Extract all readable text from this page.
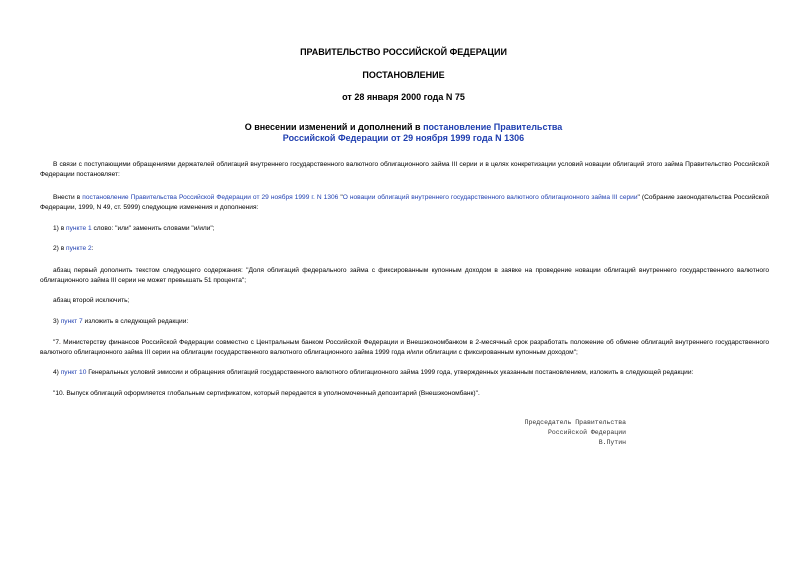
ПРАВИТЕЛЬСТВО РОССИЙСКОЙ ФЕДЕРАЦИИ
ПОСТАНОВЛЕНИЕ
от 28 января 2000 года N 75
О внесении изменений и дополнений в постановление Правительства
Российской Федерации от 29 ноября 1999 года N 1306

В связи с поступающими обращениями держателей облигаций внутреннего государственного валютного облигационного займа III серии и в целях конкретизации условий новации облигаций этого займа Правительство Российской Федерации постановляет:

Внести в постановление Правительства Российской Федерации от 29 ноября 1999 г. N 1306 "О новации облигаций внутреннего государственного валютного облигационного займа III серии" (Собрание законодательства Российской Федерации, 1999, N 49, ст. 5999) следующие изменения и дополнения:

1) в пункте 1 слово: "или" заменить словами "и/или";

2) в пункте 2:

абзац первый дополнить текстом следующего содержания: "Доля облигаций федерального займа с фиксированным купонным доходом в заявке на проведение новации облигаций внутреннего государственного валютного облигационного займа III серии не может превышать 51 процента";

абзац второй исключить;

3) пункт 7 изложить в следующей редакции:

"7. Министерству финансов Российской Федерации совместно с Центральным банком Российской Федерации и Внешэкономбанком в 2-месячный срок разработать положение об обмене облигаций внутреннего государственного валютного облигационного займа III серии на облигации государственного валютного облигационного займа 1999 года и/или облигации с фиксированным купонным доходом";

4) пункт 10 Генеральных условий эмиссии и обращения облигаций государственного валютного облигационного займа 1999 года, утвержденных указанным постановлением, изложить в следующей редакции:

"10. Выпуск облигаций оформляется глобальным сертификатом, который передается в уполномоченный депозитарий (Внешэкономбанк)".

Председатель Правительства
Российской Федерации
В.Путин
